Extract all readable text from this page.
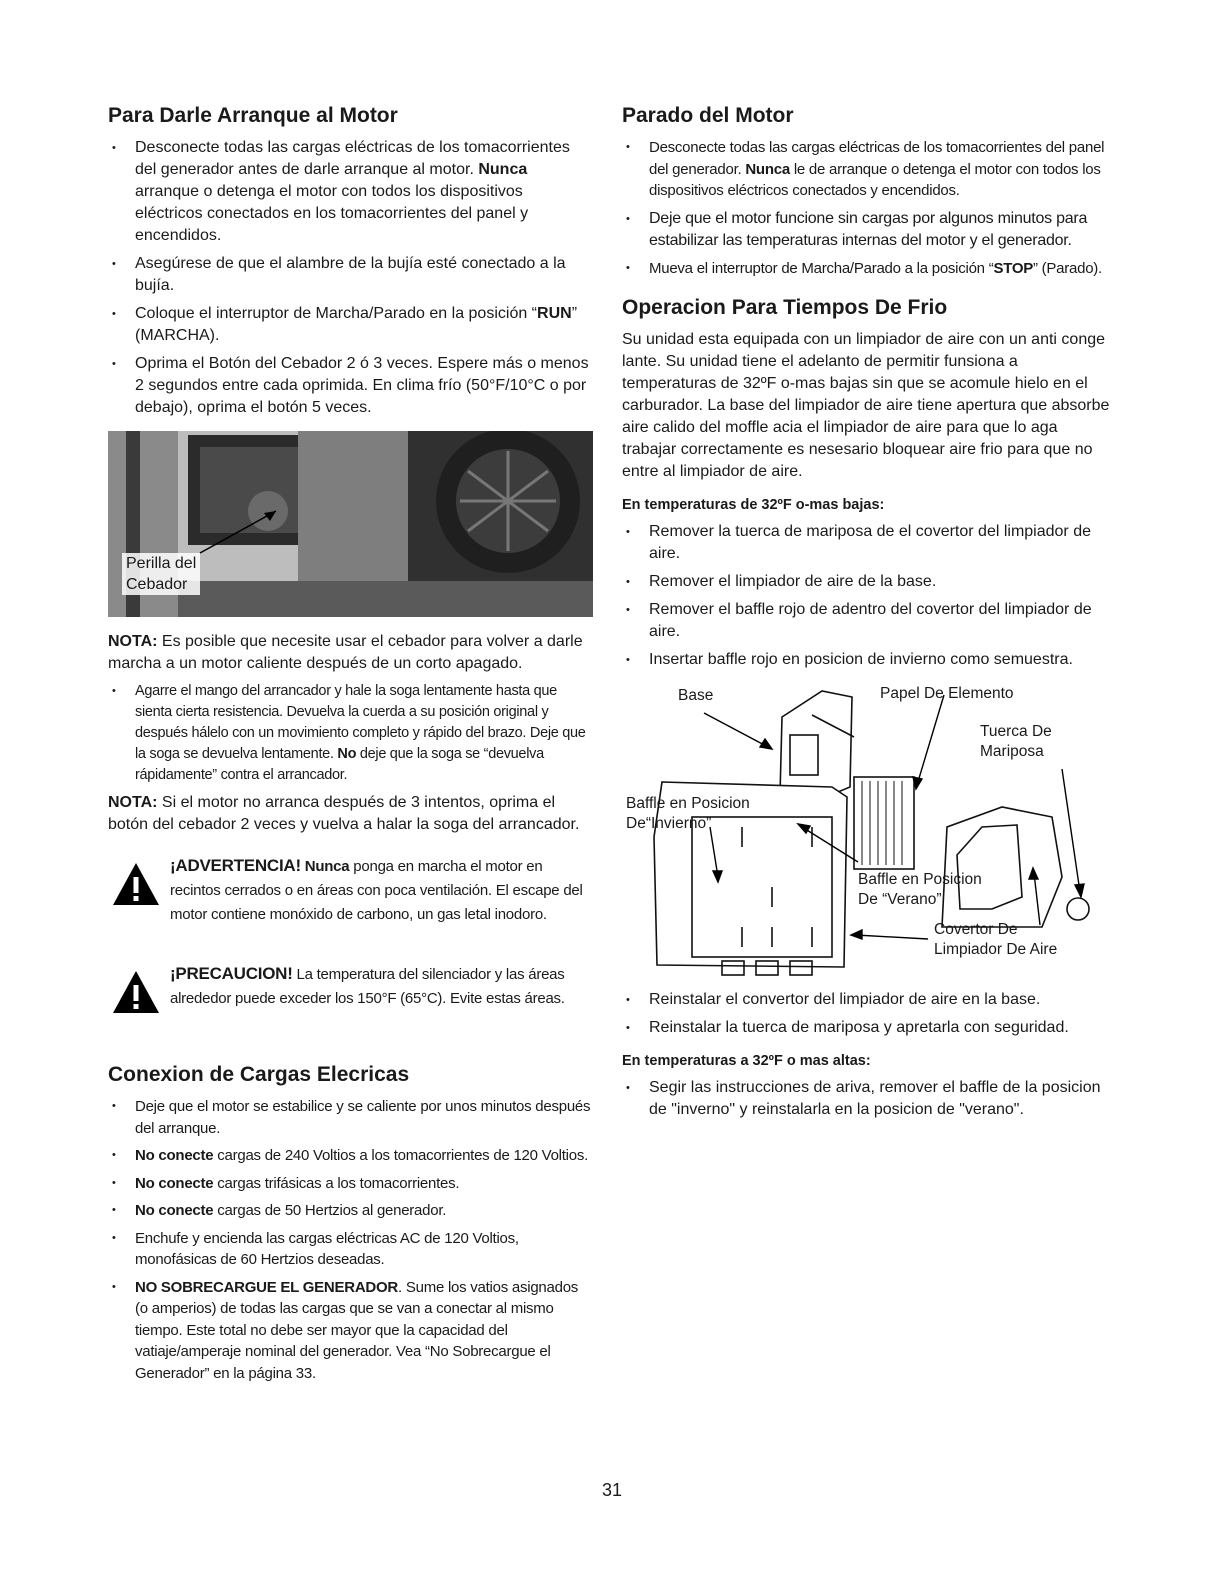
Para Darle Arranque al Motor
• Desconecte todas las cargas eléctricas de los tomacorrientes del generador antes de darle arranque al motor. Nunca arranque o detenga el motor con todos los dispositivos eléctricos conectados en los tomacorrientes del panel y encendidos.
• Asegúrese de que el alambre de la bujía esté conectado a la bujía.
• Coloque el interruptor de Marcha/Parado en la posición “RUN” (MARCHA).
• Oprima el Botón del Cebador 2 ó 3 veces. Espere más o menos 2 segundos entre cada oprimida. En clima frío (50°F/10°C o por debajo), oprima el botón 5 veces.
Perilla del
Cebador

NOTA: Es posible que necesite usar el cebador para volver a darle marcha a un motor caliente después de un corto apagado.

• Agarre el mango del arrancador y hale la soga lentamente hasta que sienta cierta resistencia. Devuelva la cuerda a su posición original y después hálelo con un movimiento completo y rápido del brazo. Deje que la soga se devuelva lentamente. No deje que la soga se “devuelva rápidamente” contra el arrancador.

NOTA: Si el motor no arranca después de 3 intentos, oprima el botón del cebador 2 veces y vuelva a halar la soga del arrancador.

¡ADVERTENCIA! Nunca ponga en marcha el motor en recintos cerrados o en áreas con poca ventilación. El escape del motor contiene monóxido de carbono, un gas letal inodoro.
¡PRECAUCION! La temperatura del silenciador y las áreas alrededor puede exceder los 150°F (65°C). Evite estas áreas.
Conexion de Cargas Elecricas
• Deje que el motor se estabilice y se caliente por unos minutos después del arranque.
• No conecte cargas de 240 Voltios a los tomacorrientes de 120 Voltios.
• No conecte cargas trifásicas a los tomacorrientes.
• No conecte cargas de 50 Hertzios al generador.
• Enchufe y encienda las cargas eléctricas AC de 120 Voltios, monofásicas de 60 Hertzios deseadas.
• NO SOBRECARGUE EL GENERADOR. Sume los vatios asignados (o amperios) de todas las cargas que se van a conectar al mismo tiempo. Este total no debe ser mayor que la capacidad del vatiaje/amperaje nominal del generador. Vea “No Sobrecargue el Generador” en la página 33.
Parado del Motor
• Desconecte todas las cargas eléctricas de los tomacorrientes del panel del generador. Nunca le de arranque o detenga el motor con todos los dispositivos eléctricos conectados y encendidos.
• Deje que el motor funcione sin cargas por algunos minutos para estabilizar las temperaturas internas del motor y el generador.
• Mueva el interruptor de Marcha/Parado a la posición “STOP” (Parado).
Operacion Para Tiempos De Frio

Su unidad esta equipada con un limpiador de aire con un anti conge lante. Su unidad tiene el adelanto de permitir funsiona a temperaturas de 32ºF o-mas bajas sin que se acomule hielo en el carburador. La base del limpiador de aire tiene apertura que absorbe aire calido del moffle acia el limpiador de aire para que lo aga trabajar correctamente es nesesario bloquear aire frio para que no entre al limpiador de aire.

En temperaturas de 32ºF o-mas bajas:
• Remover la tuerca de mariposa de el covertor del limpiador de aire.
• Remover el limpiador de aire de la base.
• Remover el baffle rojo de adentro del covertor del limpiador de aire.
• Insertar baffle rojo en posicion de invierno como semuestra.
Base	Papel De Elemento
Tuerca De
Mariposa
Baffle en Posicion
De“Invierno”
Baffle en Posicion
De “Verano”
Covertor De
Limpiador De Aire
• Reinstalar el convertor del limpiador de aire en la base.
• Reinstalar la tuerca de mariposa y apretarla con seguridad.
En temperaturas a 32ºF o mas altas:
• Segir las instrucciones de ariva, remover el baffle de la posicion de "inverno" y reinstalarla en la posicion de "verano".
31
